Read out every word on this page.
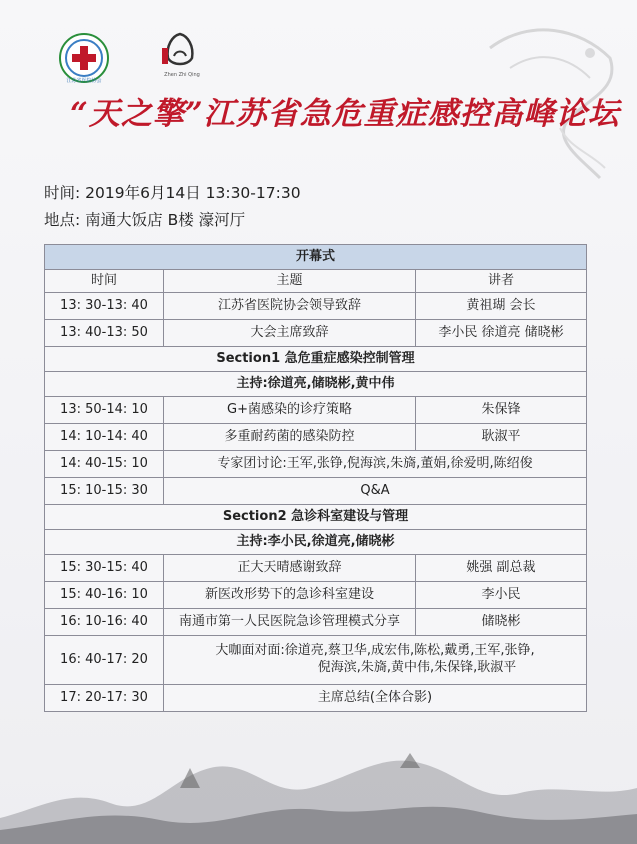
江苏省医院协会
Zhen Zhi Qing
“天之擎”江苏省急危重症感控高峰论坛
时间: 2019年6月14日 13:30-17:30
地点: 南通大饭店 B楼 濠河厅
开幕式		
时间	主题	讲者
13: 30-13: 40	江苏省医院协会领导致辞	黄祖瑚 会长
13: 40-13: 50	大会主席致辞	李小民 徐道亮 储晓彬
Section1 急危重症感染控制管理		
主持:徐道亮,储晓彬,黄中伟		
13: 50-14: 10	G+菌感染的诊疗策略	朱保锋
14: 10-14: 40	多重耐药菌的感染防控	耿淑平
14: 40-15: 10	专家团讨论:王军,张铮,倪海滨,朱旖,董娟,徐爱明,陈绍俊	
15: 10-15: 30	Q&A	
Section2 急诊科室建设与管理		
主持:李小民,徐道亮,储晓彬		
15: 30-15: 40	正大天晴感谢致辞	姚强 副总裁
15: 40-16: 10	新医改形势下的急诊科室建设	李小民
16: 10-16: 40	南通市第一人民医院急诊管理模式分享	储晓彬
16: 40-17: 20	大咖面对面:徐道亮,蔡卫华,成宏伟,陈松,戴勇,王军,张铮,
倪海滨,朱旖,黄中伟,朱保锋,耿淑平	

17: 20-17: 30	主席总结(全体合影)	
